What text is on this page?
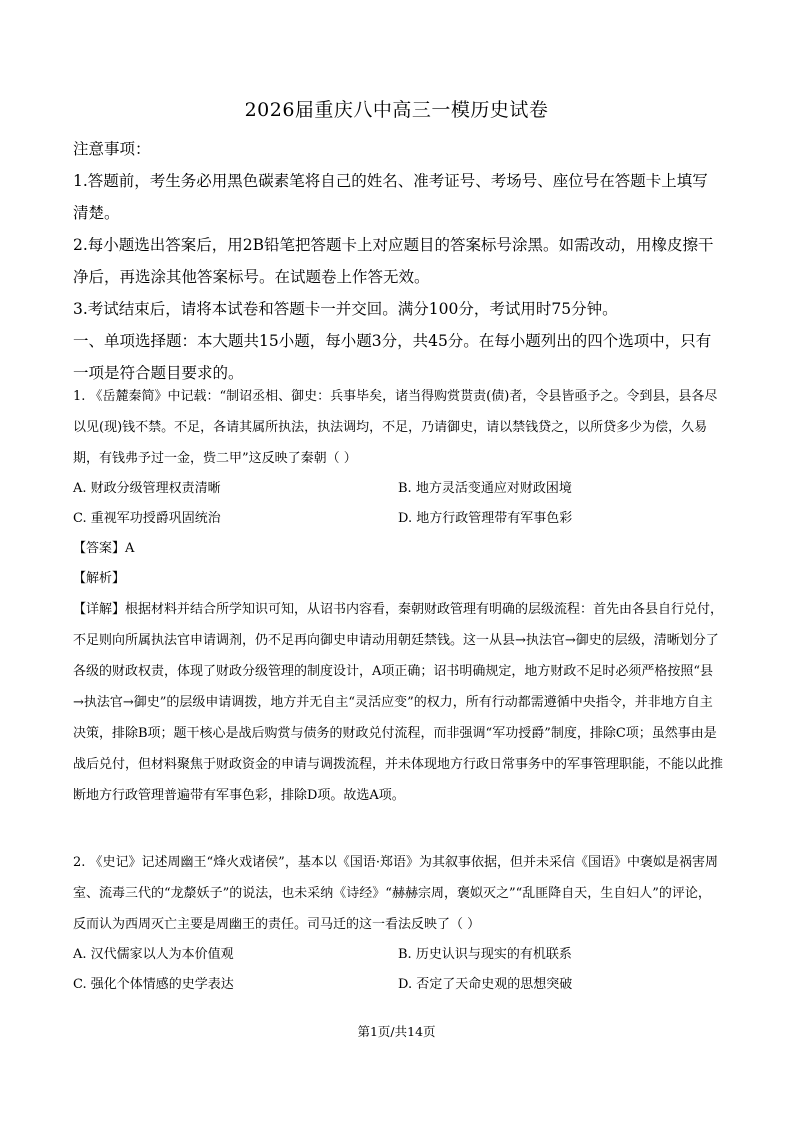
2026届重庆八中高三一模历史试卷

注意事项：

1.答题前，考生务必用黑色碳素笔将自己的姓名、准考证号、考场号、座位号在答题卡上填写清楚。

2.每小题选出答案后，用2B铅笔把答题卡上对应题目的答案标号涂黑。如需改动，用橡皮擦干净后，再选涂其他答案标号。在试题卷上作答无效。

3.考试结束后，请将本试卷和答题卡一并交回。满分100分，考试用时75分钟。

一、单项选择题：本大题共15小题，每小题3分，共45分。在每小题列出的四个选项中，只有一项是符合题目要求的。

1. 《岳麓秦简》中记载：“制诏丞相、御史：兵事毕矣，诸当得购赏贳责(债)者，令县皆亟予之。令到县，县各尽以见(现)钱不禁。不足，各请其属所执法，执法调均，不足，乃请御史，请以禁钱贷之，以所贷多少为偿，久易期，有钱弗予过一金，赀二甲”这反映了秦朝（ ）

A. 财政分级管理权责清晰	B. 地方灵活变通应对财政困境
C. 重视军功授爵巩固统治	D. 地方行政管理带有军事色彩
【答案】A
【解析】

【详解】根据材料并结合所学知识可知，从诏书内容看，秦朝财政管理有明确的层级流程：首先由各县自行兑付，不足则向所属执法官申请调剂，仍不足再向御史申请动用朝廷禁钱。这一从县→执法官→御史的层级，清晰划分了各级的财政权责，体现了财政分级管理的制度设计，A项正确；诏书明确规定，地方财政不足时必须严格按照“县→执法官→御史”的层级申请调拨，地方并无自主“灵活应变”的权力，所有行动都需遵循中央指令，并非地方自主决策，排除B项；题干核心是战后购赏与债务的财政兑付流程，而非强调“军功授爵”制度，排除C项；虽然事由是战后兑付，但材料聚焦于财政资金的申请与调拨流程，并未体现地方行政日常事务中的军事管理职能，不能以此推断地方行政管理普遍带有军事色彩，排除D项。故选A项。

2. 《史记》记述周幽王“烽火戏诸侯”，基本以《国语·郑语》为其叙事依据，但并未采信《国语》中褒姒是祸害周室、流毒三代的“龙漦妖子”的说法，也未采纳《诗经》“赫赫宗周，褒姒灭之”“乱匪降自天，生自妇人”的评论，反而认为西周灭亡主要是周幽王的责任。司马迁的这一看法反映了（ ）

A. 汉代儒家以人为本价值观	B. 历史认识与现实的有机联系
C. 强化个体情感的史学表达	D. 否定了天命史观的思想突破
第1页/共14页
